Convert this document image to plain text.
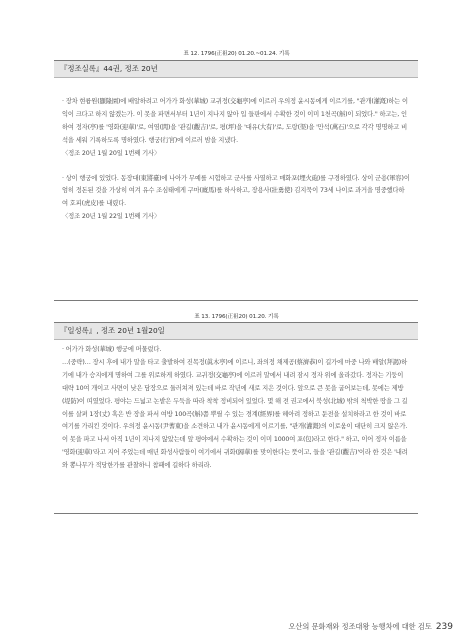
표 12. 1796(正祖20) 01.20.~01.24. 기록
『정조실록』44권, 정조 20년

· 장차 현륭원(顯隆園)에 배알하려고 어가가 화성(華城) 교귀정(交龜亭)에 이르러 우의정 윤시동에게 이르기를, "관개(灌漑)하는 이익이 크다고 하지 않겠는가. 이 못을 파면서부터 1년이 지나지 않아 입 들판에서 수확한 것이 이미 1천곡(斛)이 되었다." 하고는, 인하여 정자(亭)를 '영화(迎華)'로, 여염(閭)을 '관길(觀吉)'로, 평(坪)을 '대유(大有)'로, 도랑(渠)을 '만석(萬石)'으로 각각 명명하고 비석을 세워 기록하도록 명하였다. 행궁(行宮)에 이르러 밤을 지냈다.

〈정조 20년 1월 20일 1번째 기사〉

· 상이 행궁에 있었다. 동장대(東將臺)에 나아가 무예를 시험하고 군사를 사열하고 매화포(埋火砲)를 구경하였다. 상이 군용(軍容)이 엄히 정돈된 것을 가상히 여겨 유수 조심태에게 구마(廐馬)를 하사하고, 장용사(壯勇使) 김지묵이 73세 나이로 과거을 명중했다하여 호피(虎皮)를 내렸다.

〈정조 20년 1월 22일 1번째 기사〉

표 13. 1796(正祖20) 01.20. 기록
『일성록』, 정조 20년 1월20일

· 어가가 화성(華城) 행궁에 머물렀다.

…(중략)… 장시 후에 내가 말을 타고 출발하여 진목정(眞木亭)에 이르니, 좌의정 채제공(蔡濟恭)이 길가에 마중 나와 배알(拜謁)하기에 내가 승지에게 명하여 그를 위로하게 하였다. 교귀정(交龜亭)에 이르러 말에서 내려 잠시 정자 위에 올라갔다. 정자는 기둥이 대략 10여 개이고 사면이 낮은 담장으로 둘러쳐져 있는데 바로 작년에 새로 지은 것이다. 앞으로 큰 못을 굽어보는데, 못에는 제방(堤防)이 띠였었다. 평야는 드넓고 논밭은 두둑을 따라 착착 정비되어 있었다. 몇 해 전 권고에서 북성(北城) 밖의 척박한 땅을 그 길이를 살펴 1장(丈) 혹은 반 장을 파서 여방 100곡(斛)쯤 뿌릴 수 있는 경계(經界)를 헤아려 정하고 둔전을 설치하라고 한 것이 바로 여기를 가리킨 것이다. 우의정 윤시동(尹蓍東)을 소견하고 내가 윤시동에게 이르기를, "관개(灌漑)의 이로움이 대단히 크지 않은가. 이 못을 파고 나서 아직 1년이 지나지 않았는데 앞 평야에서 수확하는 것이 이미 1000여 포(包)라고 한다." 하고, 이어 정자 이름을 '영화(迎華)'라고 지어 주었는데 매년 화성사람들이 여기에서 귀화(歸華)를 맞이한다는 뜻이고, 들을 '관길(觀吉)'이라 한 것은 '내려와 뽕나무가 적당한가를 관찰하니 참패에 길하다 하리라.

오산의 문화재와 정조대왕 능행차에 대한 검토 239
